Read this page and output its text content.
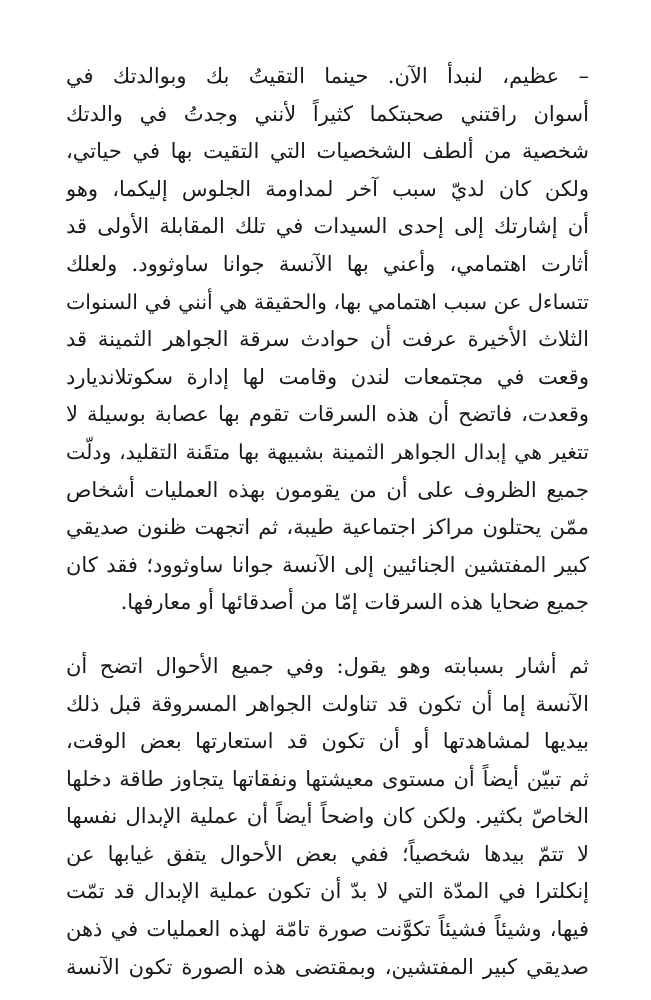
– عظيم، لنبدأ الآن. حينما التقيتُ بك وبوالدتك في
أسوان راقتني صحبتكما كثيراً لأنني وجدتُ في والدتك
شخصية من ألطف الشخصيات التي التقيت بها في حياتي،
ولكن كان لديّ سبب آخر لمداومة الجلوس إليكما، وهو
أن إشارتك إلى إحدى السيدات في تلك المقابلة الأولى قد
أثارت اهتمامي، وأعني بها الآنسة جوانا ساوثوود. ولعلك
تتساءل عن سبب اهتمامي بها، والحقيقة هي أنني في السنوات
الثلاث الأخيرة عرفت أن حوادث سرقة الجواهر الثمينة قد
وقعت في مجتمعات لندن وقامت لها إدارة سكوتلانديارد
وقعدت، فاتضح أن هذه السرقات تقوم بها عصابة بوسيلة لا
تتغير هي إبدال الجواهر الثمينة بشبيهة بها متقَنة التقليد، ودلّت
جميع الظروف على أن من يقومون بهذه العمليات أشخاص
ممّن يحتلون مراكز اجتماعية طيبة، ثم اتجهت ظنون صديقي
كبير المفتشين الجنائيين إلى الآنسة جوانا ساوثوود؛ فقد كان
جميع ضحايا هذه السرقات إمّا من أصدقائها أو معارفها.
ثم أشار بسبابته وهو يقول: وفي جميع الأحوال اتضح أن
الآنسة إما أن تكون قد تناولت الجواهر المسروقة قبل ذلك
بيديها لمشاهدتها أو أن تكون قد استعارتها بعض الوقت،
ثم تبيّن أيضاً أن مستوى معيشتها ونفقاتها يتجاوز طاقة دخلها
الخاصّ بكثير. ولكن كان واضحاً أيضاً أن عملية الإبدال نفسها
لا تتمّ بيدها شخصياً؛ ففي بعض الأحوال يتفق غيابها عن
إنكلترا في المدّة التي لا بدّ أن تكون عملية الإبدال قد تمّت
فيها، وشيئاً فشيئاً تكوَّنت صورة تامّة لهذه العمليات في ذهن
صديقي كبير المفتشين، وبمقتضى هذه الصورة تكون الآنسة
